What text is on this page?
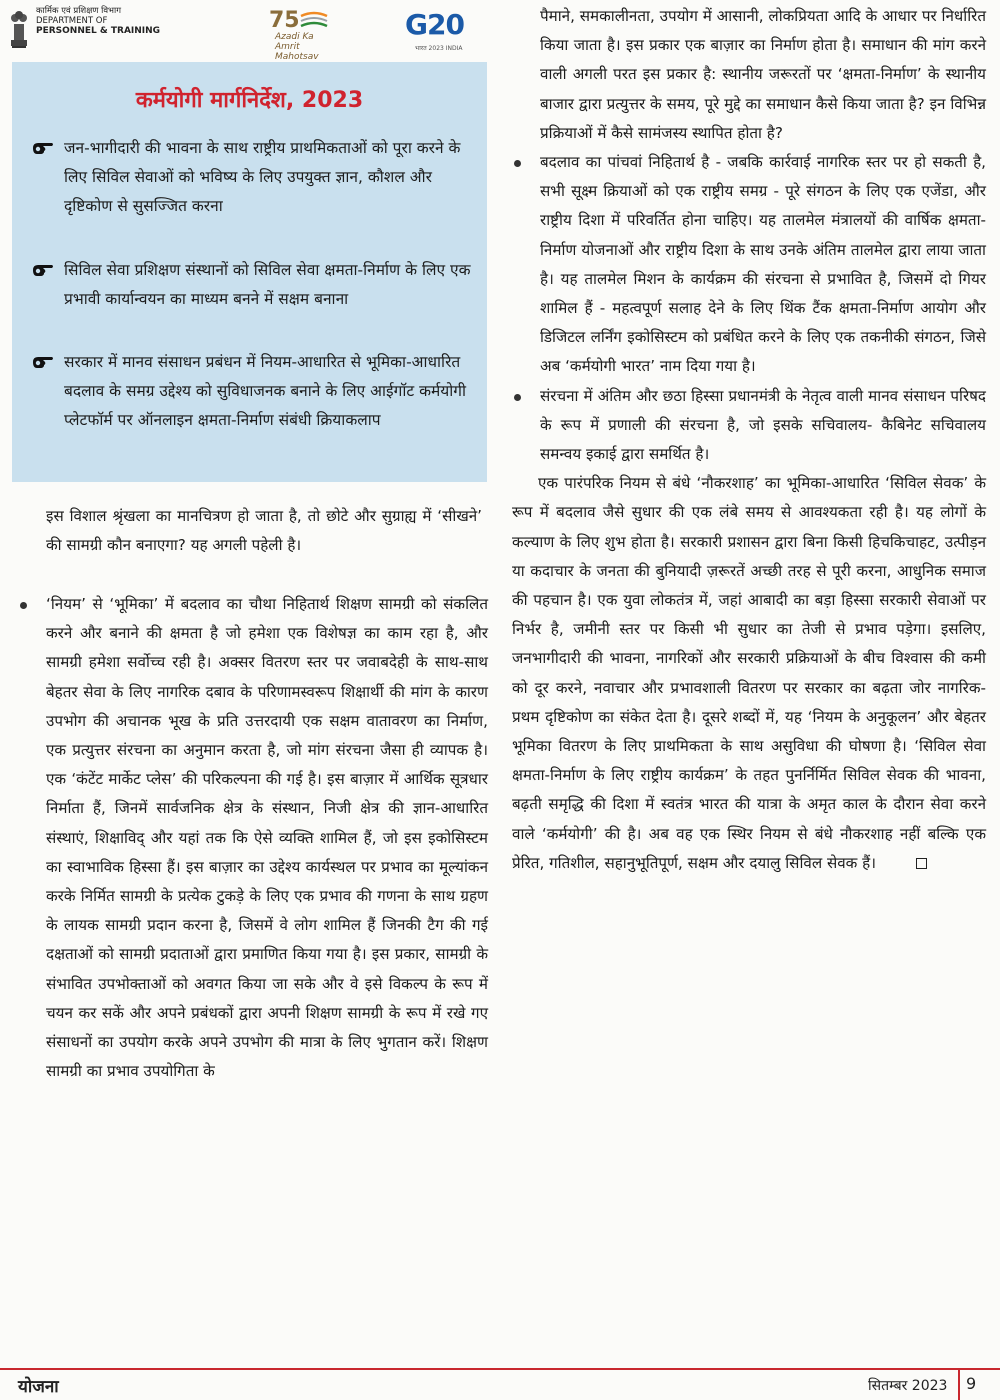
कार्मिक एवं प्रशिक्षण विभाग
DEPARTMENT OF
PERSONNEL & TRAINING	75
Azadi Ka
Amrit Mahotsav
G20
भारत 2023 INDIA
कर्मयोगी मार्गनिर्देश, 2023
जन-भागीदारी की भावना के साथ राष्ट्रीय प्राथमिकताओं को पूरा करने के लिए सिविल सेवाओं को भविष्य के लिए उपयुक्त ज्ञान, कौशल और दृष्टिकोण से सुसज्जित करना
सिविल सेवा प्रशिक्षण संस्थानों को सिविल सेवा क्षमता-निर्माण के लिए एक प्रभावी कार्यान्वयन का माध्यम बनने में सक्षम बनाना
सरकार में मानव संसाधन प्रबंधन में नियम-आधारित से भूमिका-आधारित बदलाव के समग्र उद्देश्य को सुविधाजनक बनाने के लिए आईगॉट कर्मयोगी प्लेटफॉर्म पर ऑनलाइन क्षमता-निर्माण संबंधी क्रियाकलाप

इस विशाल श्रृंखला का मानचित्रण हो जाता है, तो छोटे और सुग्राह्य में ‘सीखने’ की सामग्री कौन बनाएगा? यह अगली पहेली है।

‘नियम’ से ‘भूमिका’ में बदलाव का चौथा निहितार्थ शिक्षण सामग्री को संकलित करने और बनाने की क्षमता है जो हमेशा एक विशेषज्ञ का काम रहा है, और सामग्री हमेशा सर्वोच्च रही है। अक्सर वितरण स्तर पर जवाबदेही के साथ-साथ बेहतर सेवा के लिए नागरिक दबाव के परिणामस्वरूप शिक्षार्थी की मांग के कारण उपभोग की अचानक भूख के प्रति उत्तरदायी एक सक्षम वातावरण का निर्माण, एक प्रत्युत्तर संरचना का अनुमान करता है, जो मांग संरचना जैसा ही व्यापक है। एक ‘कंटेंट मार्केट प्लेस’ की परिकल्पना की गई है। इस बाज़ार में आर्थिक सूत्रधार निर्माता हैं, जिनमें सार्वजनिक क्षेत्र के संस्थान, निजी क्षेत्र की ज्ञान-आधारित संस्थाएं, शिक्षाविद् और यहां तक कि ऐसे व्यक्ति शामिल हैं, जो इस इकोसिस्टम का स्वाभाविक हिस्सा हैं। इस बाज़ार का उद्देश्य कार्यस्थल पर प्रभाव का मूल्यांकन करके निर्मित सामग्री के प्रत्येक टुकड़े के लिए एक प्रभाव की गणना के साथ ग्रहण के लायक सामग्री प्रदान करना है, जिसमें वे लोग शामिल हैं जिनकी टैग की गई दक्षताओं को सामग्री प्रदाताओं द्वारा प्रमाणित किया गया है। इस प्रकार, सामग्री के संभावित उपभोक्ताओं को अवगत किया जा सके और वे इसे विकल्प के रूप में चयन कर सकें और अपने प्रबंधकों द्वारा अपनी शिक्षण सामग्री के रूप में रखे गए संसाधनों का उपयोग करके अपने उपभोग की मात्रा के लिए भुगतान करें। शिक्षण सामग्री का प्रभाव उपयोगिता के

पैमाने, समकालीनता, उपयोग में आसानी, लोकप्रियता आदि के आधार पर निर्धारित किया जाता है। इस प्रकार एक बाज़ार का निर्माण होता है। समाधान की मांग करने वाली अगली परत इस प्रकार है: स्थानीय जरूरतों पर ‘क्षमता-निर्माण’ के स्थानीय बाजार द्वारा प्रत्युत्तर के समय, पूरे मुद्दे का समाधान कैसे किया जाता है? इन विभिन्न प्रक्रियाओं में कैसे सामंजस्य स्थापित होता है?

बदलाव का पांचवां निहितार्थ है - जबकि कार्रवाई नागरिक स्तर पर हो सकती है, सभी सूक्ष्म क्रियाओं को एक राष्ट्रीय समग्र - पूरे संगठन के लिए एक एजेंडा, और राष्ट्रीय दिशा में परिवर्तित होना चाहिए। यह तालमेल मंत्रालयों की वार्षिक क्षमता-निर्माण योजनाओं और राष्ट्रीय दिशा के साथ उनके अंतिम तालमेल द्वारा लाया जाता है। यह तालमेल मिशन के कार्यक्रम की संरचना से प्रभावित है, जिसमें दो गियर शामिल हैं - महत्वपूर्ण सलाह देने के लिए थिंक टैंक क्षमता-निर्माण आयोग और डिजिटल लर्निंग इकोसिस्टम को प्रबंधित करने के लिए एक तकनीकी संगठन, जिसे अब ‘कर्मयोगी भारत’ नाम दिया गया है।

संरचना में अंतिम और छठा हिस्सा प्रधानमंत्री के नेतृत्व वाली मानव संसाधन परिषद के रूप में प्रणाली की संरचना है, जो इसके सचिवालय- कैबिनेट सचिवालय समन्वय इकाई द्वारा समर्थित है।

एक पारंपरिक नियम से बंधे ‘नौकरशाह’ का भूमिका-आधारित ‘सिविल सेवक’ के रूप में बदलाव जैसे सुधार की एक लंबे समय से आवश्यकता रही है। यह लोगों के कल्याण के लिए शुभ होता है। सरकारी प्रशासन द्वारा बिना किसी हिचकिचाहट, उत्पीड़न या कदाचार के जनता की बुनियादी ज़रूरतें अच्छी तरह से पूरी करना, आधुनिक समाज की पहचान है। एक युवा लोकतंत्र में, जहां आबादी का बड़ा हिस्सा सरकारी सेवाओं पर निर्भर है, जमीनी स्तर पर किसी भी सुधार का तेजी से प्रभाव पड़ेगा। इसलिए, जनभागीदारी की भावना, नागरिकों और सरकारी प्रक्रियाओं के बीच विश्वास की कमी को दूर करने, नवाचार और प्रभावशाली वितरण पर सरकार का बढ़ता जोर नागरिक-प्रथम दृष्टिकोण का संकेत देता है। दूसरे शब्दों में, यह ‘नियम के अनुकूलन’ और बेहतर भूमिका वितरण के लिए प्राथमिकता के साथ असुविधा की घोषणा है। ‘सिविल सेवा क्षमता-निर्माण के लिए राष्ट्रीय कार्यक्रम’ के तहत पुनर्निर्मित सिविल सेवक की भावना, बढ़ती समृद्धि की दिशा में स्वतंत्र भारत की यात्रा के अमृत काल के दौरान सेवा करने वाले ‘कर्मयोगी’ की है। अब वह एक स्थिर नियम से बंधे नौकरशाह नहीं बल्कि एक प्रेरित, गतिशील, सहानुभूतिपूर्ण, सक्षम और दयालु सिविल सेवक हैं।

योजना	सितम्बर 2023 9
